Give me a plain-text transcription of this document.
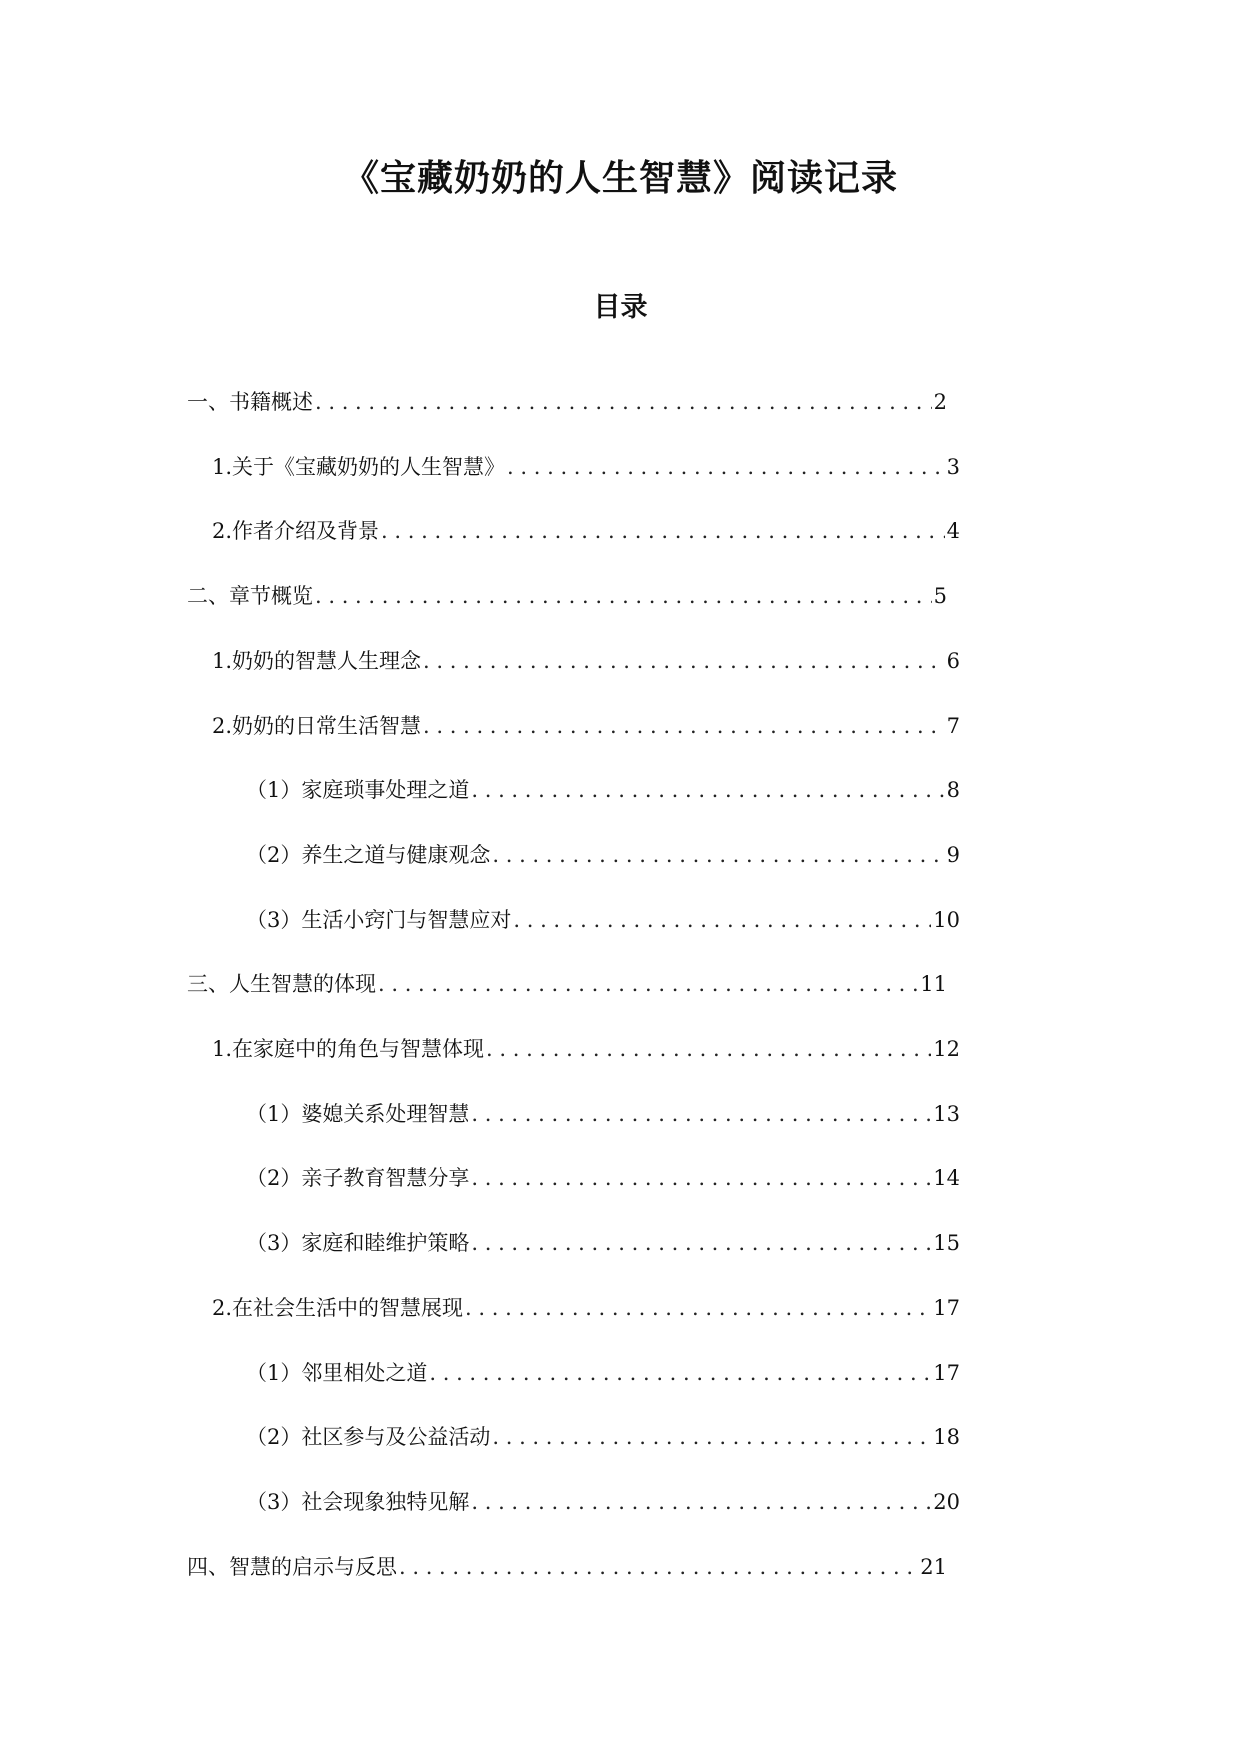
《宝藏奶奶的人生智慧》阅读记录
目录
一、书籍概述 . . .	2
1. 关于《宝藏奶奶的人生智慧》 . . .	3
2. 作者介绍及背景 . . .	4
二、章节概览 . . .	5
1. 奶奶的智慧人生理念 . . .	6
2. 奶奶的日常生活智慧 . . .	7
（1）家庭琐事处理之道 . . .	8
（2）养生之道与健康观念 . . .	9
（3）生活小窍门与智慧应对 . . .	10
三、人生智慧的体现 . . .	11
1. 在家庭中的角色与智慧体现 . . .	12
（1）婆媳关系处理智慧 . . .	13
（2）亲子教育智慧分享 . . .	14
（3）家庭和睦维护策略 . . .	15
2. 在社会生活中的智慧展现 . . .	17
（1）邻里相处之道 . . .	17
（2）社区参与及公益活动 . . .	18
（3）社会现象独特见解 . . .	20
四、智慧的启示与反思 . . .	21
